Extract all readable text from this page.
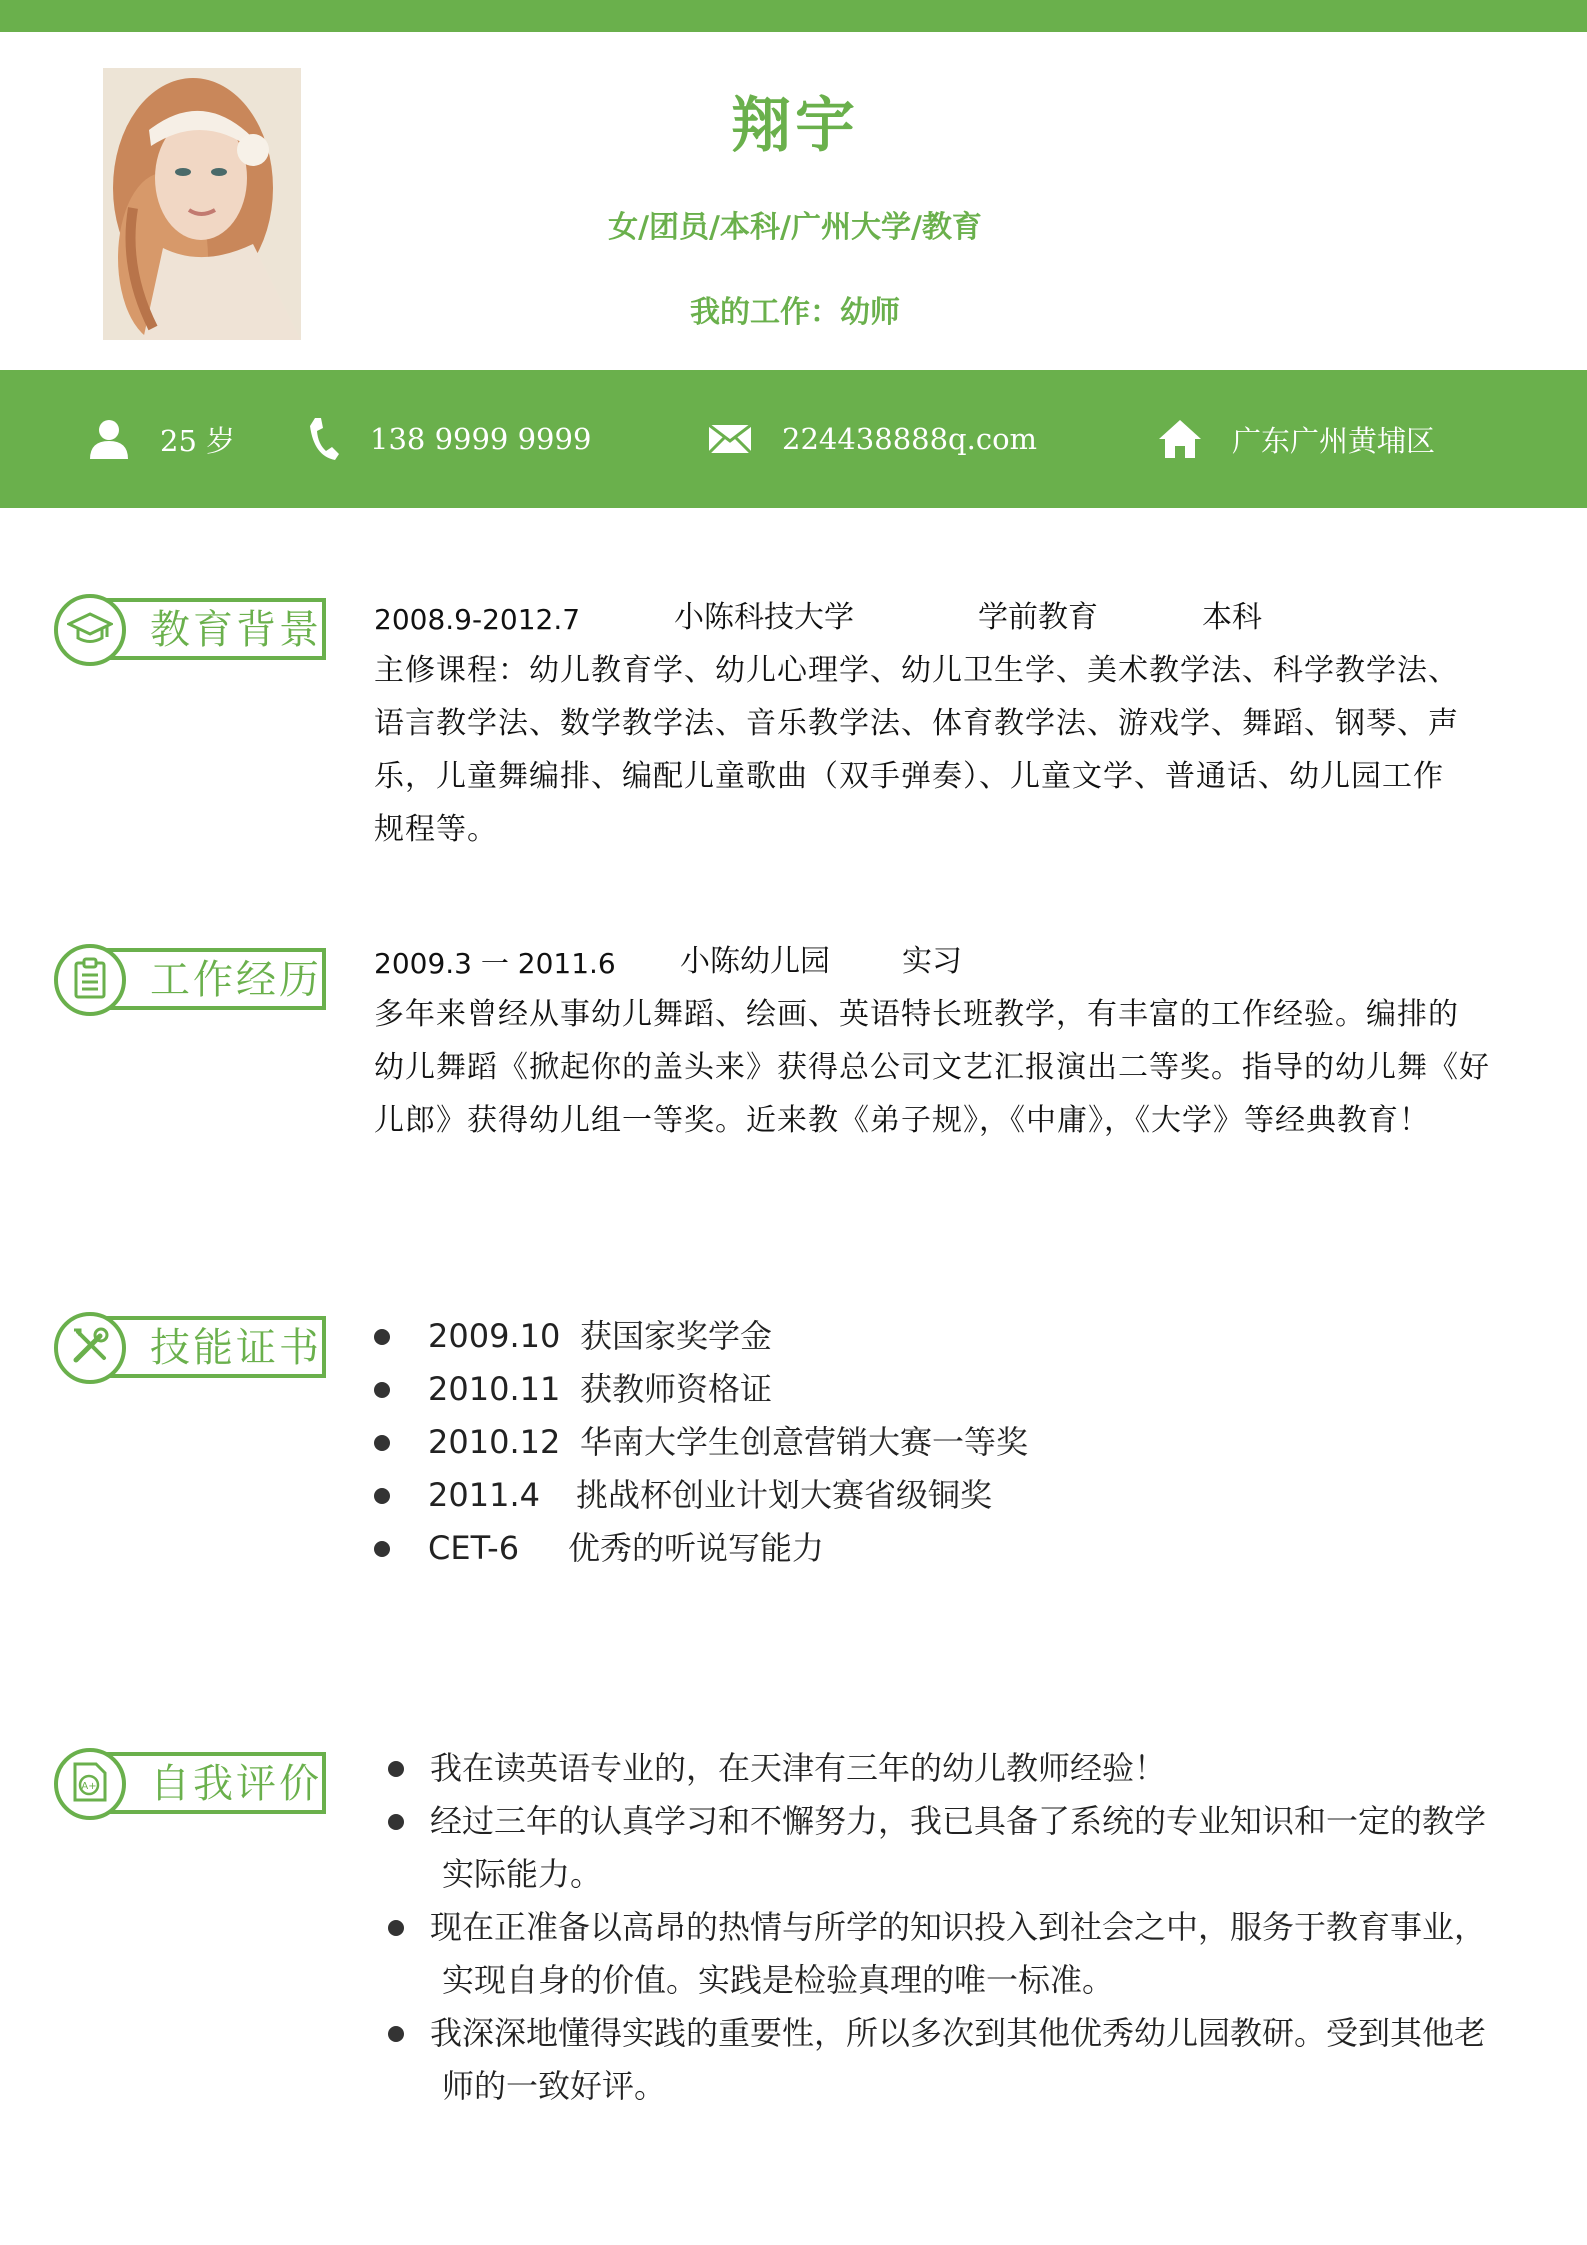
翔宇
女/团员/本科/广州大学/教育
我的工作：幼师
25 岁	138 9999 9999	224438888q.com	广东广州黄埔区
教育背景 2008.9-2012.7	小陈科技大学	学前教育	本科
主修课程：幼儿教育学、幼儿心理学、幼儿卫生学、美术教学法、科学教学法、
语言教学法、数学教学法、音乐教学法、体育教学法、游戏学、舞蹈、钢琴、声
乐，儿童舞编排、编配儿童歌曲（双手弹奏）、儿童文学、普通话、幼儿园工作
规程等。
工作经历 2009.3 一 2011.6 小陈幼儿园 实习
多年来曾经从事幼儿舞蹈、绘画、英语特长班教学，有丰富的工作经验。编排的
幼儿舞蹈《掀起你的盖头来》获得总公司文艺汇报演出二等奖。指导的幼儿舞《好
儿郎》获得幼儿组一等奖。近来教《弟子规》，《中庸》，《大学》等经典教育！
技能证书	2009.10 获国家奖学金
2010.11 获教师资格证
2010.12 华南大学生创意营销大赛一等奖
2011.4 挑战杯创业计划大赛省级铜奖
CET-6 优秀的听说写能力
A+ 自我评价	我在读英语专业的，在天津有三年的幼儿教师经验！
经过三年的认真学习和不懈努力，我已具备了系统的专业知识和一定的教学
实际能力。
现在正准备以高昂的热情与所学的知识投入到社会之中，服务于教育事业，
实现自身的价值。实践是检验真理的唯一标准。
我深深地懂得实践的重要性，所以多次到其他优秀幼儿园教研。受到其他老
师的一致好评。
